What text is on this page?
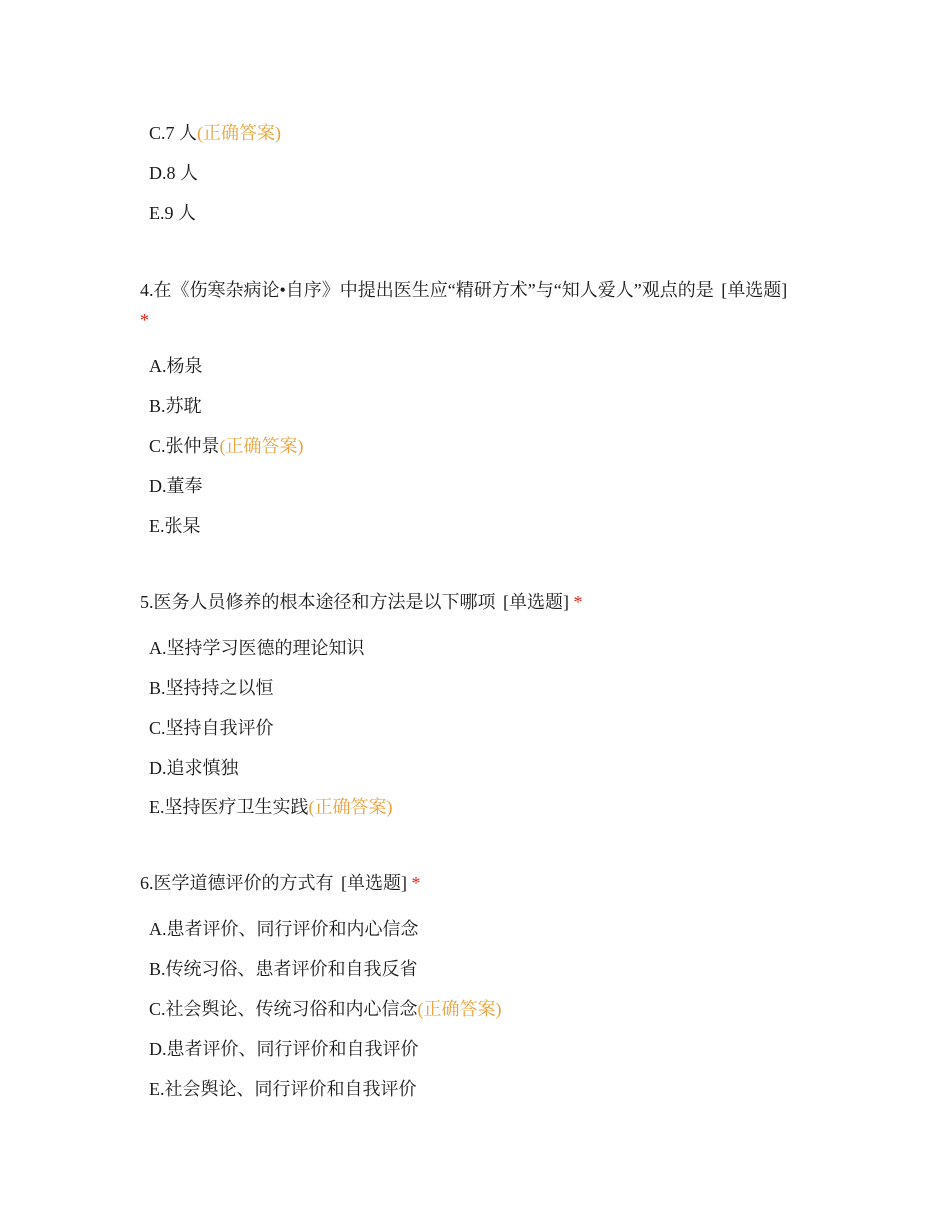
C.7 人(正确答案)
D.8 人
E.9 人
4.在《伤寒杂病论•自序》中提出医生应“精研方术”与“知人爱人”观点的是 [单选题]
*
A.杨泉
B.苏耽
C.张仲景(正确答案)
D.董奉
E.张杲
5.医务人员修养的根本途径和方法是以下哪项 [单选题] *
A.坚持学习医德的理论知识
B.坚持持之以恒
C.坚持自我评价
D.追求慎独
E.坚持医疗卫生实践(正确答案)
6.医学道德评价的方式有 [单选题] *
A.患者评价、同行评价和内心信念
B.传统习俗、患者评价和自我反省
C.社会舆论、传统习俗和内心信念(正确答案)
D.患者评价、同行评价和自我评价
E.社会舆论、同行评价和自我评价
